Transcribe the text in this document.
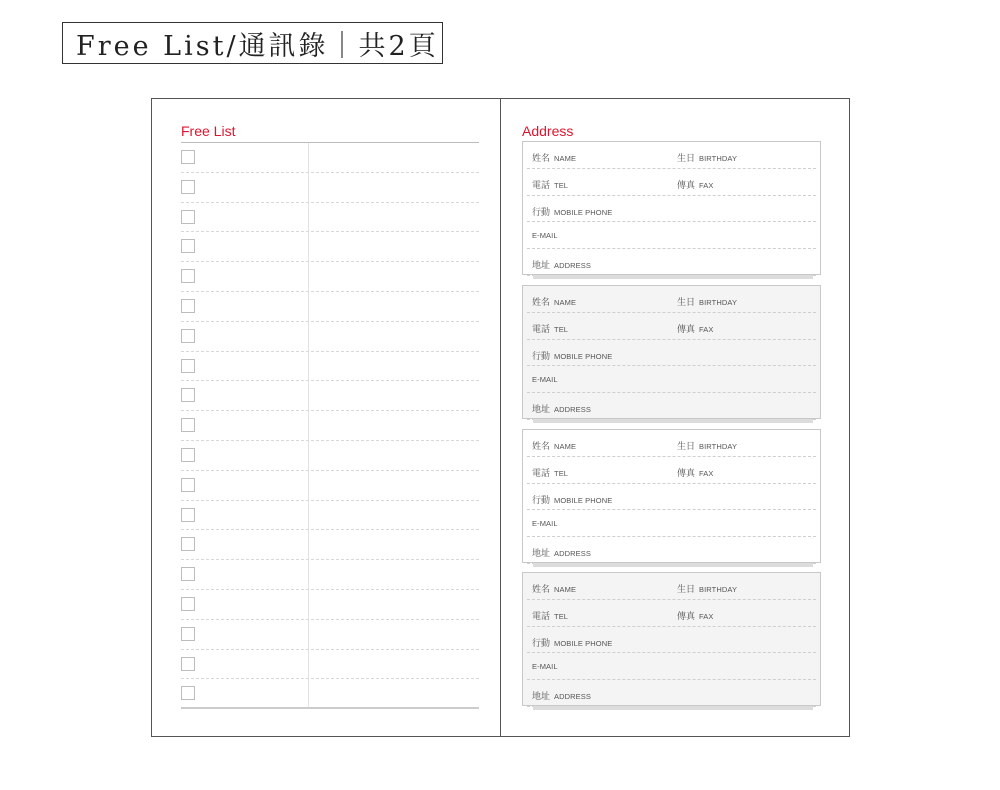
Free List/通訊錄｜共2頁
Free List	Address
姓名 NAME	生日 BIRTHDAY
電話 TEL	傳真 FAX
行動 MOBILE PHONE
E-MAIL
地址 ADDRESS
姓名 NAME	生日 BIRTHDAY
電話 TEL	傳真 FAX
行動 MOBILE PHONE
E-MAIL
地址 ADDRESS
姓名 NAME	生日 BIRTHDAY
電話 TEL	傳真 FAX
行動 MOBILE PHONE
E-MAIL
地址 ADDRESS
姓名 NAME	生日 BIRTHDAY
電話 TEL	傳真 FAX
行動 MOBILE PHONE
E-MAIL
地址 ADDRESS
